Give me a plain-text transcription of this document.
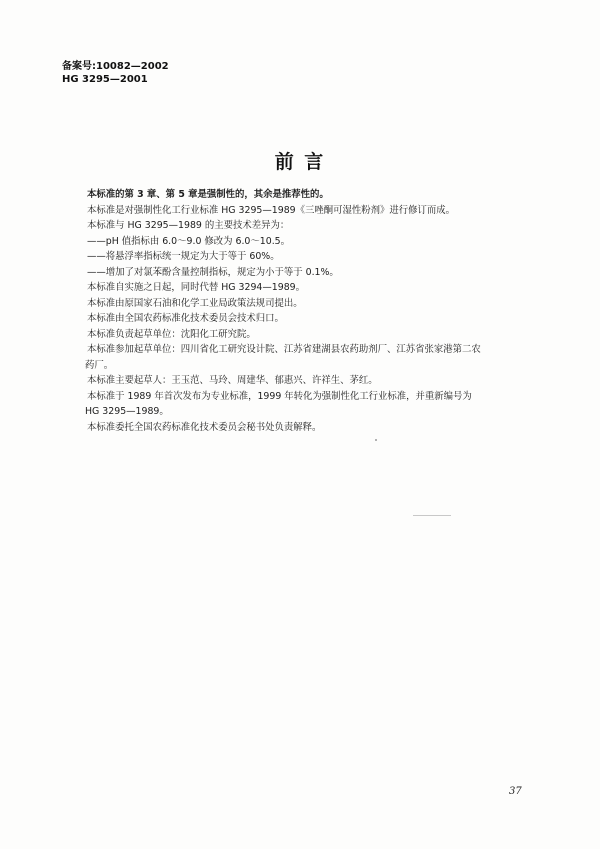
备案号:10082—2002
HG 3295—2001
前 言

本标准的第 3 章、第 5 章是强制性的，其余是推荐性的。

本标准是对强制性化工行业标准 HG 3295—1989《三唑酮可湿性粉剂》进行修订而成。

本标准与 HG 3295—1989 的主要技术差异为：

——pH 值指标由 6.0～9.0 修改为 6.0～10.5。

——将悬浮率指标统一规定为大于等于 60%。

——增加了对氯苯酚含量控制指标，规定为小于等于 0.1%。

本标准自实施之日起，同时代替 HG 3294—1989。

本标准由原国家石油和化学工业局政策法规司提出。

本标准由全国农药标准化技术委员会技术归口。

本标准负责起草单位：沈阳化工研究院。

本标准参加起草单位：四川省化工研究设计院、江苏省建湖县农药助剂厂、江苏省张家港第二农

药厂。

本标准主要起草人：王玉范、马玲、周建华、郁惠兴、许祥生、茅红。

本标准于 1989 年首次发布为专业标准，1999 年转化为强制性化工行业标准，并重新编号为

HG 3295—1989。

本标准委托全国农药标准化技术委员会秘书处负责解释。

37
